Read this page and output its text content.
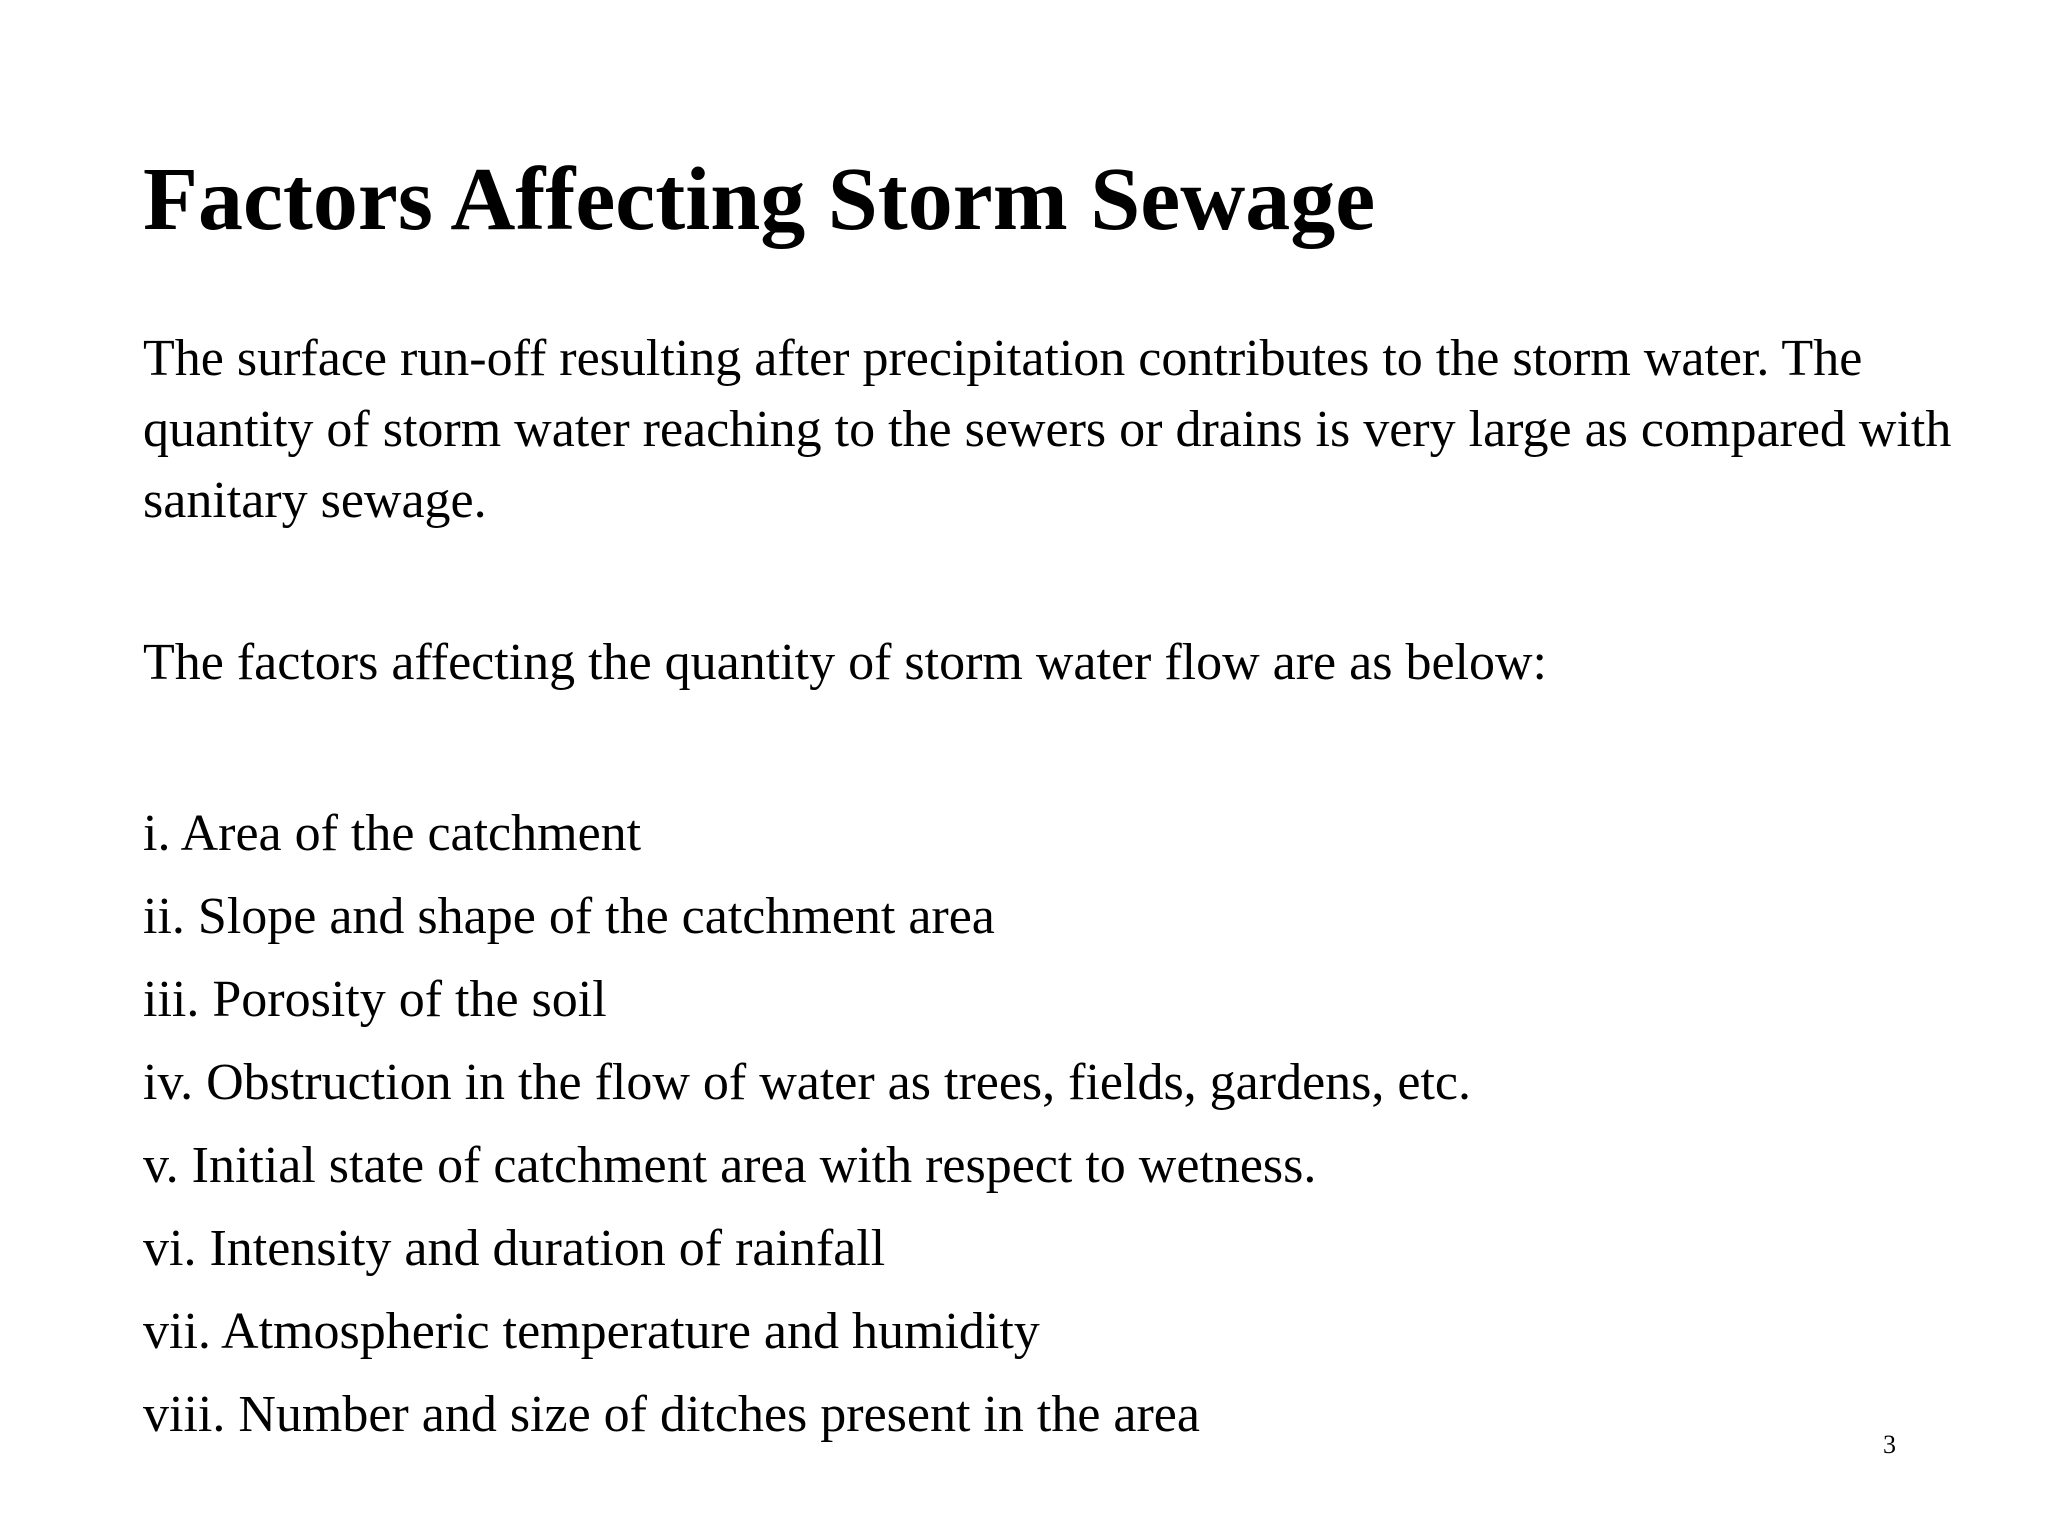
Factors Affecting Storm Sewage

The surface run-off resulting after precipitation contributes to the storm water. The quantity of storm water reaching to the sewers or drains is very large as compared with sanitary sewage.

The factors affecting the quantity of storm water flow are as below:

i. Area of the catchment
ii. Slope and shape of the catchment area
iii. Porosity of the soil
iv. Obstruction in the flow of water as trees, fields, gardens, etc.
v. Initial state of catchment area with respect to wetness.
vi. Intensity and duration of rainfall
vii. Atmospheric temperature and humidity
viii. Number and size of ditches present in the area
3
